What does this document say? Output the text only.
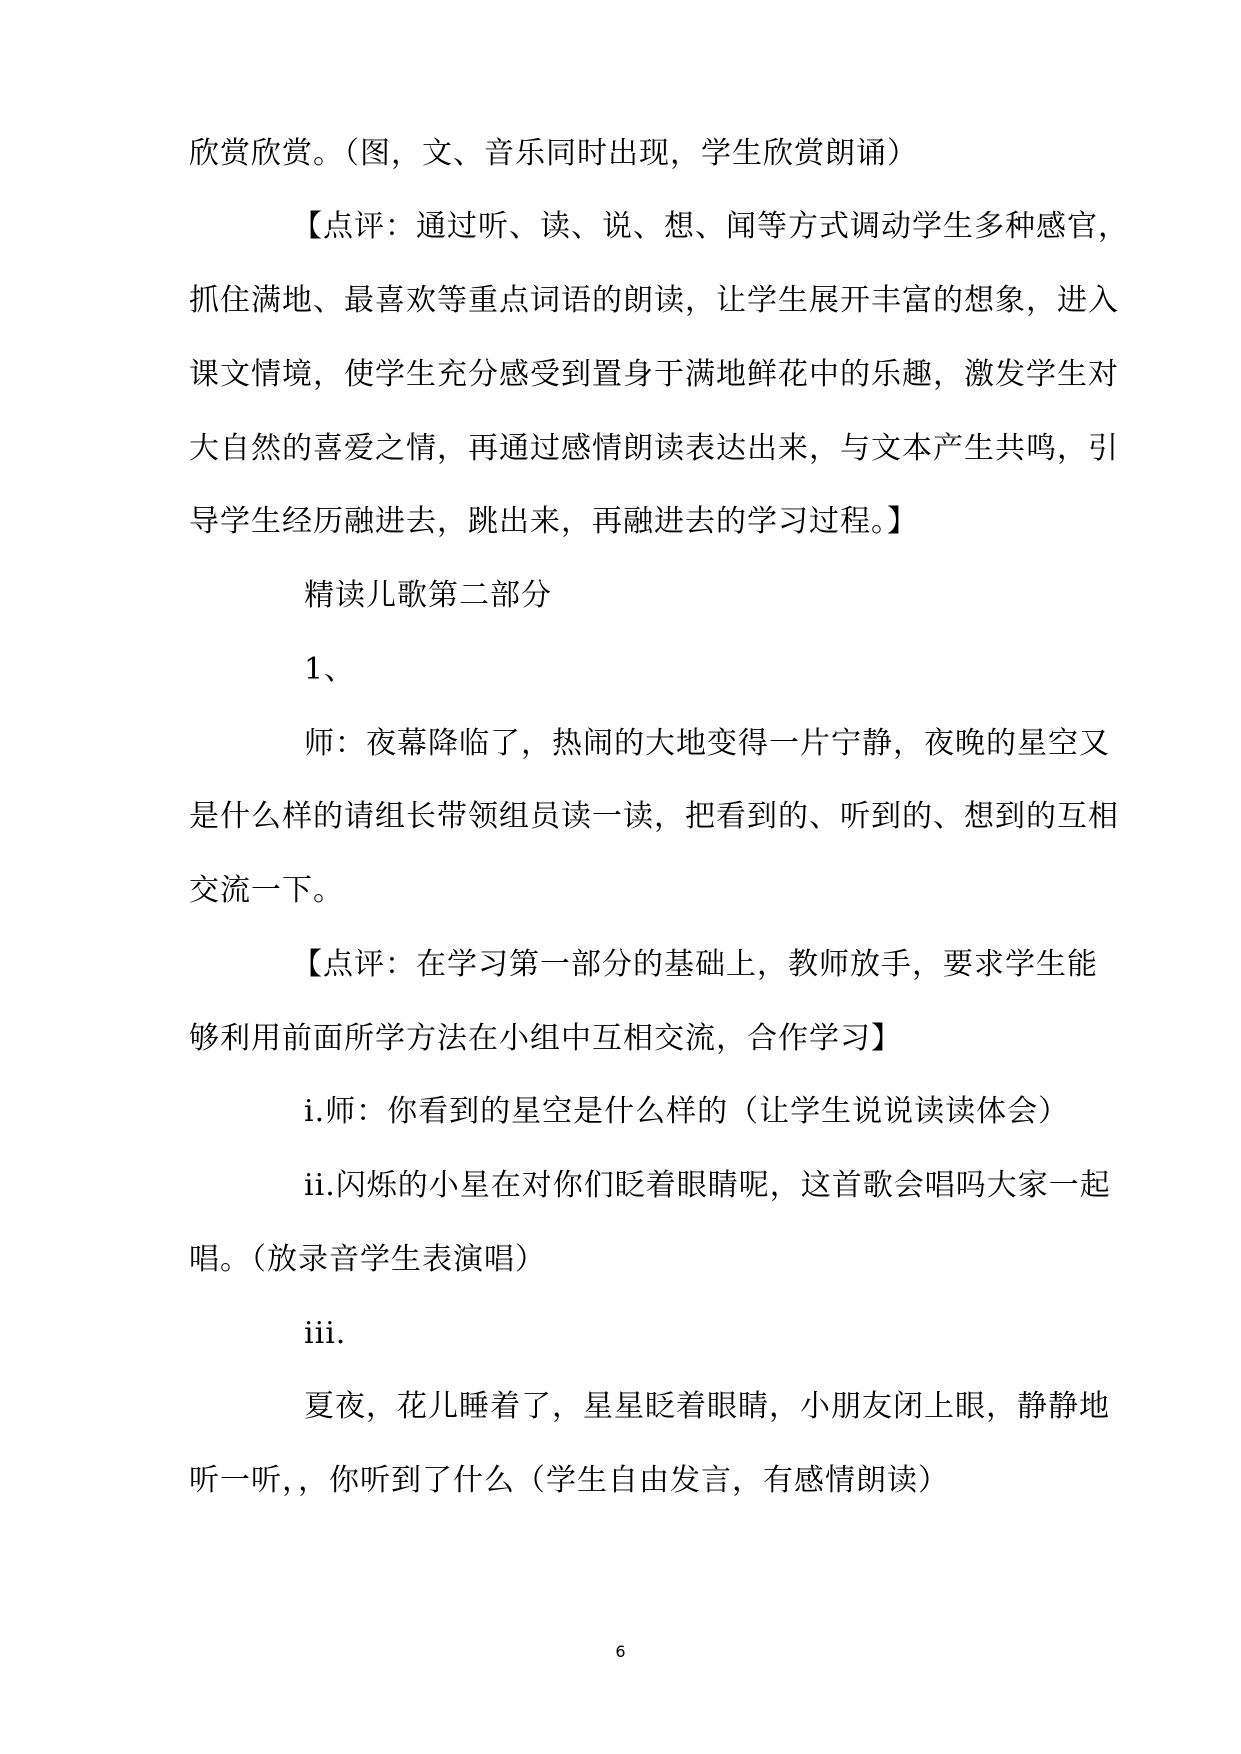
欣赏欣赏。（图，文、音乐同时出现，学生欣赏朗诵）
【点评：通过听、读、说、想、闻等方式调动学生多种感官，
抓住满地、最喜欢等重点词语的朗读，让学生展开丰富的想象，进入
课文情境，使学生充分感受到置身于满地鲜花中的乐趣，激发学生对
大自然的喜爱之情，再通过感情朗读表达出来，与文本产生共鸣，引
导学生经历融进去，跳出来，再融进去的学习过程。】
精读儿歌第二部分
1、
师：夜幕降临了，热闹的大地变得一片宁静，夜晚的星空又
是什么样的请组长带领组员读一读，把看到的、听到的、想到的互相
交流一下。
【点评：在学习第一部分的基础上，教师放手，要求学生能
够利用前面所学方法在小组中互相交流，合作学习】
i.师：你看到的星空是什么样的（让学生说说读读体会）
ii.闪烁的小星在对你们眨着眼睛呢，这首歌会唱吗大家一起
唱。（放录音学生表演唱）
iii.
夏夜，花儿睡着了，星星眨着眼睛，小朋友闭上眼，静静地
听一听，，你听到了什么（学生自由发言，有感情朗读）
6
